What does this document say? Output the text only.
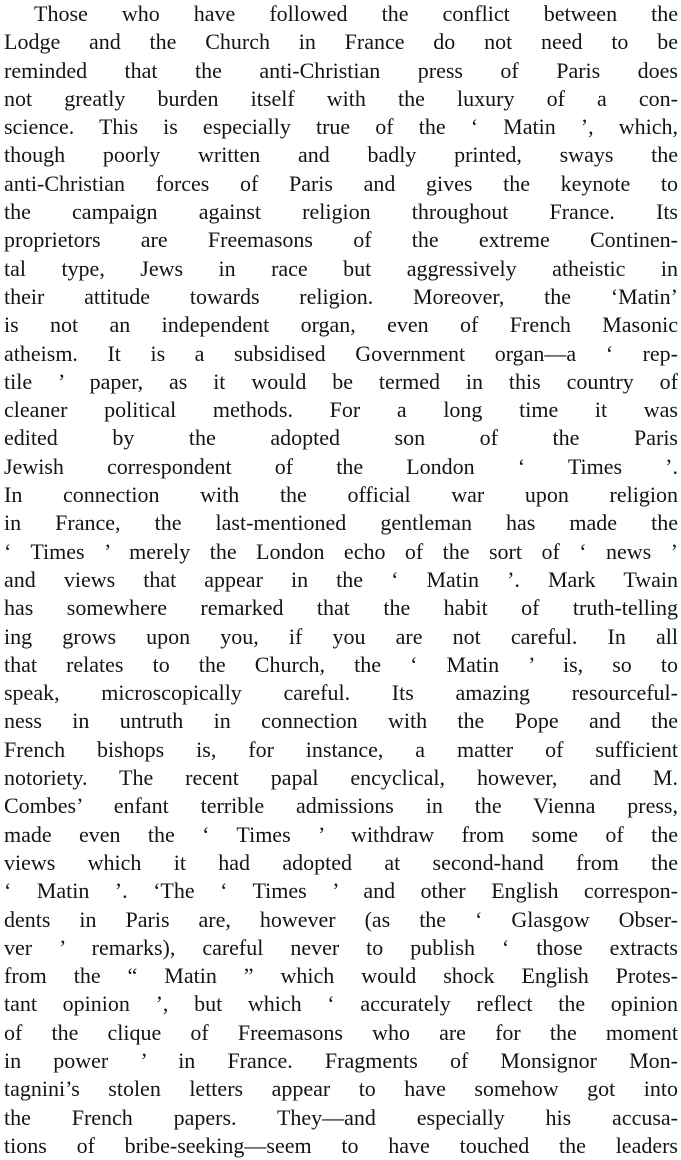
Those who have followed the conflict between the
Lodge and the Church in France do not need to be
reminded that the anti-Christian press of Paris does
not greatly burden itself with the luxury of a con-
science. This is especially true of the ‘ Matin ’, which,
though poorly written and badly printed, sways the
anti-Christian forces of Paris and gives the keynote to
the campaign against religion throughout France. Its
proprietors are Freemasons of the extreme Continen-
tal type, Jews in race but aggressively atheistic in
their attitude towards religion. Moreover, the ‘Matin’
is not an independent organ, even of French Masonic
atheism. It is a subsidised Government organ—a ‘ rep-
tile ’ paper, as it would be termed in this country of
cleaner political methods. For a long time it was
edited by the adopted son of the Paris
Jewish correspondent of the London ‘ Times ’.
In connection with the official war upon religion
in France, the last-mentioned gentleman has made the
‘ Times ’ merely the London echo of the sort of ‘ news ’
and views that appear in the ‘ Matin ’. Mark Twain
has somewhere remarked that the habit of truth-telling
ing grows upon you, if you are not careful. In all
that relates to the Church, the ‘ Matin ’ is, so to
speak, microscopically careful. Its amazing resourceful-
ness in untruth in connection with the Pope and the
French bishops is, for instance, a matter of sufficient
notoriety. The recent papal encyclical, however, and M.
Combes’ enfant terrible admissions in the Vienna press,
made even the ‘ Times ’ withdraw from some of the
views which it had adopted at second-hand from the
‘ Matin ’. ‘The ‘ Times ’ and other English correspon-
dents in Paris are, however (as the ‘ Glasgow Obser-
ver ’ remarks), careful never to publish ‘ those extracts
from the “ Matin ” which would shock English Protes-
tant opinion ’, but which ‘ accurately reflect the opinion
of the clique of Freemasons who are for the moment
in power ’ in France. Fragments of Monsignor Mon-
tagnini’s stolen letters appear to have somehow got into
the French papers. They—and especially his accusa-
tions of bribe-seeking—seem to have touched the leaders
